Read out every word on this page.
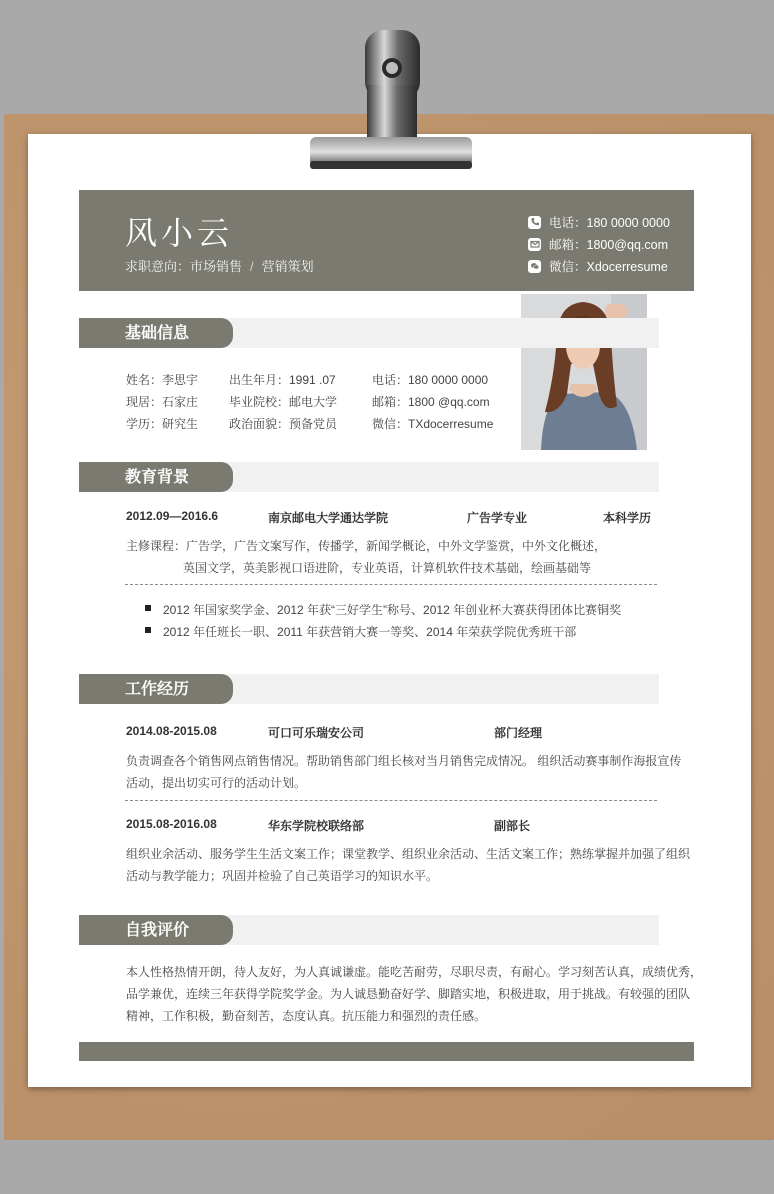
风小云
求职意向：市场销售 / 营销策划
电话：180 0000 0000
邮箱：1800@qq.com
微信：Xdocerresume
基础信息
姓名：李思宇	出生年月：1991 .07	电话：180 0000 0000
现居：石家庄	毕业院校：邮电大学	邮箱：1800 @qq.com
学历：研究生	政治面貌：预备党员	微信：TXdocerresume
教育背景
2012.09—2016.6	南京邮电大学通达学院	广告学专业	本科学历
主修课程：广告学，广告文案写作，传播学，新闻学概论，中外文学鉴赏，中外文化概述，
英国文学，英美影视口语进阶，专业英语，计算机软件技术基础，绘画基础等
2012 年国家奖学金、2012 年获“三好学生”称号、2012 年创业杯大赛获得团体比赛铜奖
2012 年任班长一职、2011 年获营销大赛一等奖、2014 年荣获学院优秀班干部
工作经历
2014.08-2015.08	可口可乐瑞安公司	部门经理
负责调查各个销售网点销售情况。帮助销售部门组长核对当月销售完成情况。 组织活动赛事制作海报宣传
活动，提出切实可行的活动计划。
2015.08-2016.08	华东学院校联络部	副部长
组织业余活动、服务学生生活文案工作；课堂教学、组织业余活动、生活文案工作；熟练掌握并加强了组织
活动与教学能力；巩固并检验了自己英语学习的知识水平。
自我评价
本人性格热情开朗，待人友好，为人真诚谦虚。能吃苦耐劳，尽职尽责，有耐心。学习刻苦认真，成绩优秀，
品学兼优，连续三年获得学院奖学金。为人诚恳勤奋好学、脚踏实地，积极进取，用于挑战。有较强的团队
精神，工作积极，勤奋刻苦，态度认真。抗压能力和强烈的责任感。
